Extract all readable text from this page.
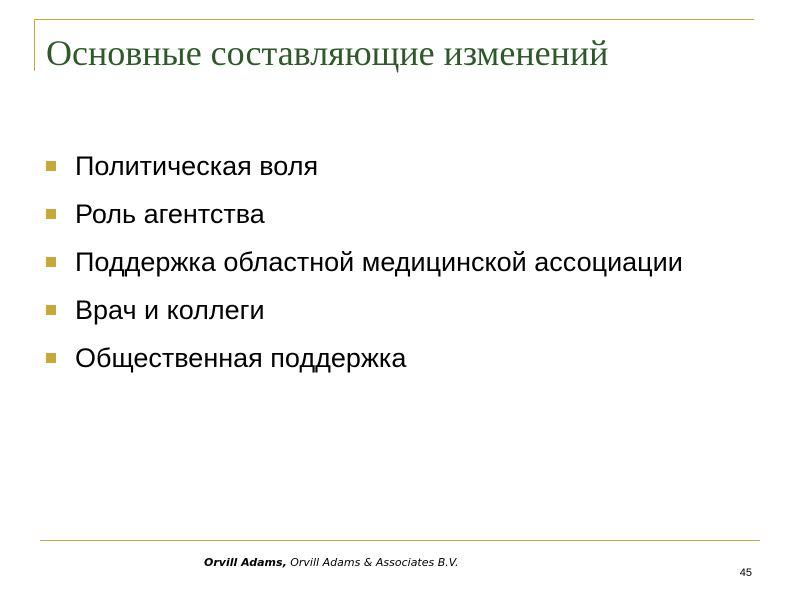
Основные составляющие изменений
Политическая воля
Роль агентства
Поддержка областной медицинской ассоциации
Врач и коллеги
Общественная поддержка
Orvill Adams, Orvill Adams & Associates B.V.
45
